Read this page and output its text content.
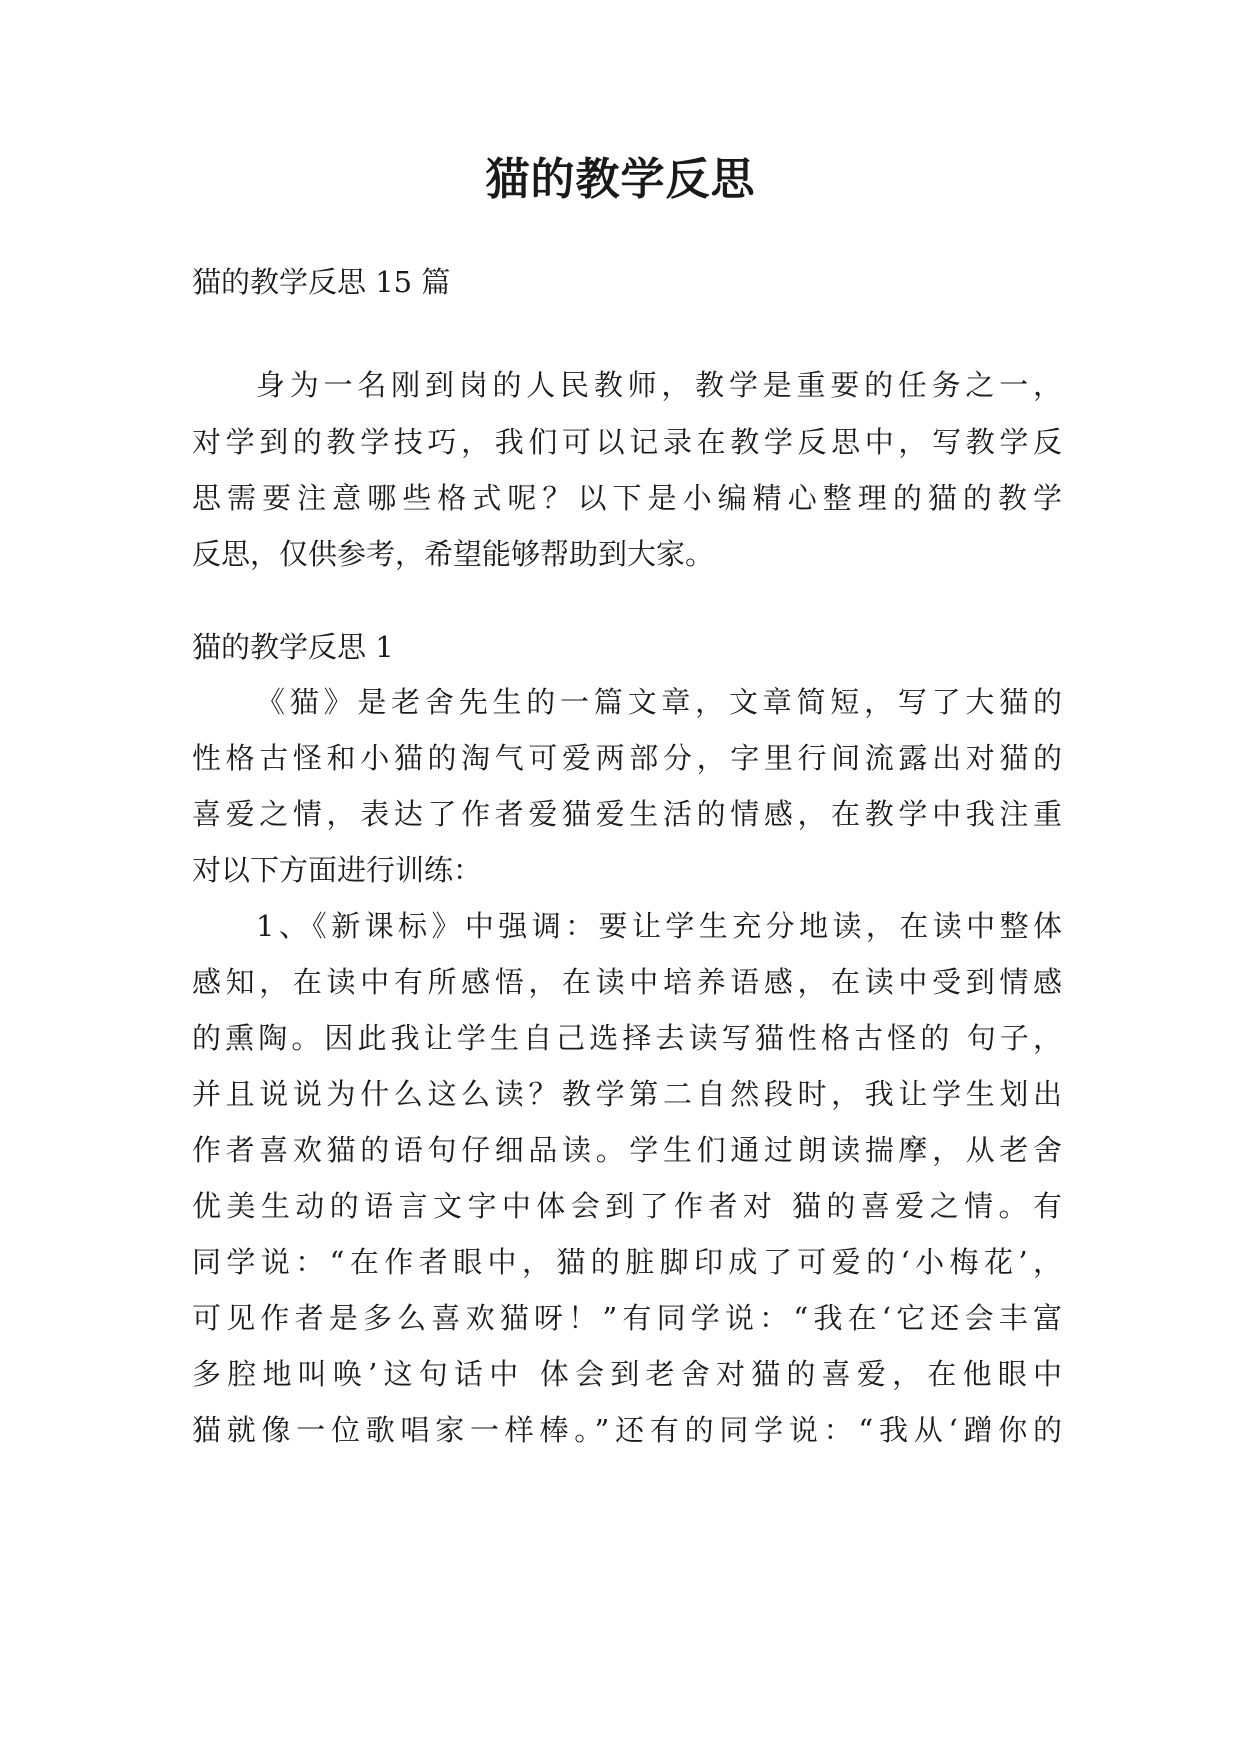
猫的教学反思

猫的教学反思 15 篇

身为一名刚到岗的人民教师，教学是重要的任务之一，

对学到的教学技巧，我们可以记录在教学反思中，写教学反

思需要注意哪些格式呢？以下是小编精心整理的猫的教学

反思，仅供参考，希望能够帮助到大家。

猫的教学反思 1

《猫》是老舍先生的一篇文章，文章简短，写了大猫的

性格古怪和小猫的淘气可爱两部分，字里行间流露出对猫的

喜爱之情，表达了作者爱猫爱生活的情感，在教学中我注重

对以下方面进行训练：

1、《新课标》中强调：要让学生充分地读，在读中整体

感知，在读中有所感悟，在读中培养语感，在读中受到情感

的熏陶。因此我让学生自己选择去读写猫性格古怪的 句子，

并且说说为什么这么读？教学第二自然段时，我让学生划出

作者喜欢猫的语句仔细品读。学生们通过朗读揣摩，从老舍

优美生动的语言文字中体会到了作者对 猫的喜爱之情。有

同学说：“在作者眼中，猫的脏脚印成了可爱的‘小梅花’，

可见作者是多么喜欢猫呀！”有同学说：“我在‘它还会丰富

多腔地叫唤’这句话中 体会到老舍对猫的喜爱，在他眼中

猫就像一位歌唱家一样棒。”还有的同学说：“我从‘蹭你的
